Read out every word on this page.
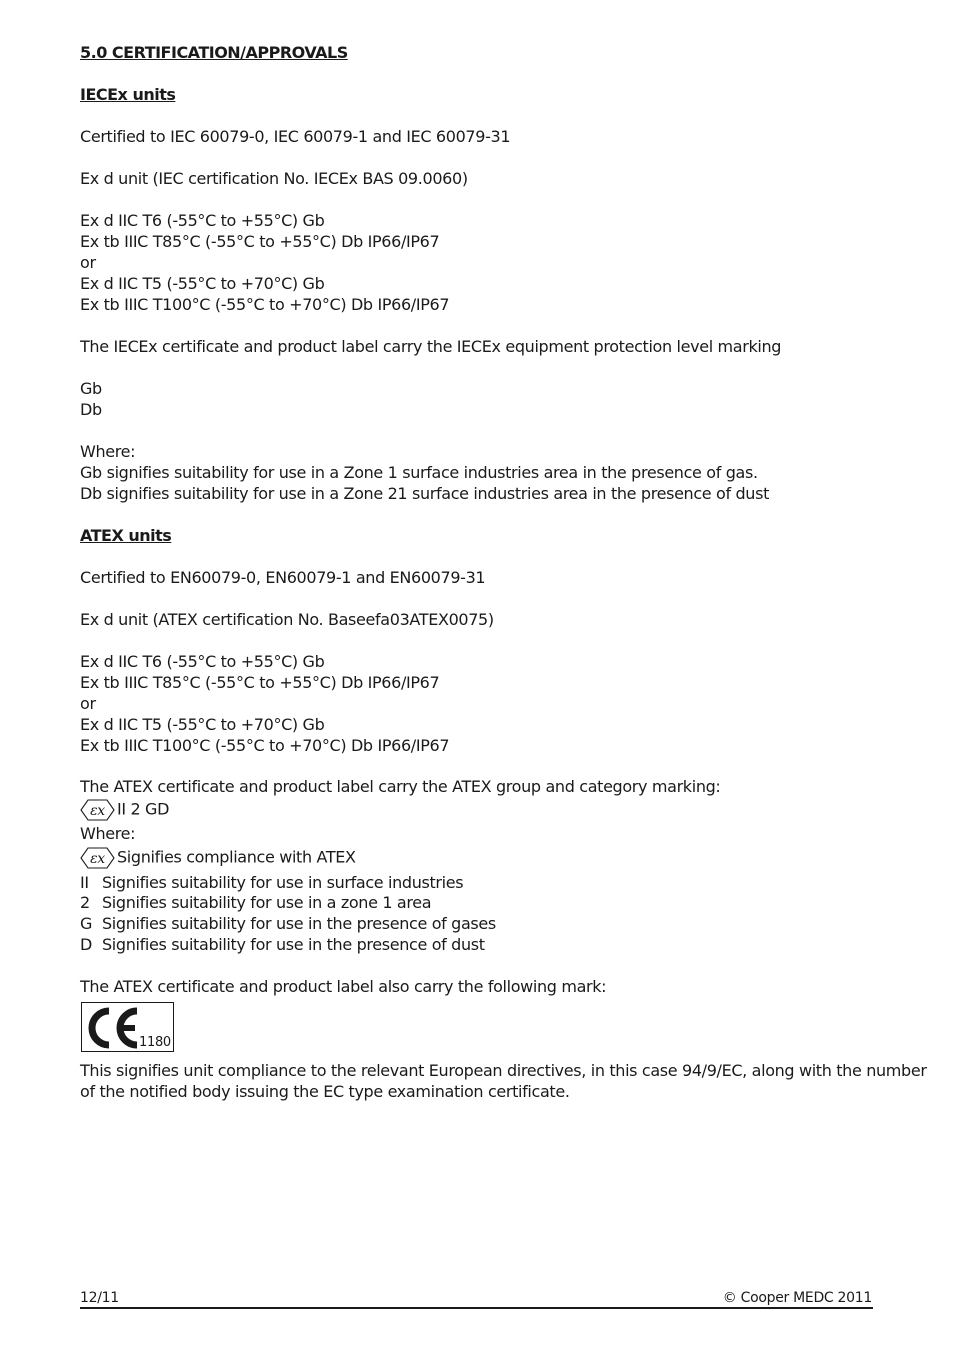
5.0 CERTIFICATION/APPROVALS
IECEx units
Certified to IEC 60079-0, IEC 60079-1 and IEC 60079-31
Ex d unit (IEC certification No. IECEx BAS 09.0060)
Ex d IIC T6 (-55°C to +55°C) Gb
Ex tb IIIC T85°C (-55°C to +55°C) Db IP66/IP67
or
Ex d IIC T5 (-55°C to +70°C) Gb
Ex tb IIIC T100°C (-55°C to +70°C) Db IP66/IP67
The IECEx certificate and product label carry the IECEx equipment protection level marking
Gb
Db
Where:
Gb signifies suitability for use in a Zone 1 surface industries area in the presence of gas.
Db signifies suitability for use in a Zone 21 surface industries area in the presence of dust
ATEX units
Certified to EN60079-0, EN60079-1 and EN60079-31
Ex d unit (ATEX certification No. Baseefa03ATEX0075)
Ex d IIC T6 (-55°C to +55°C) Gb
Ex tb IIIC T85°C (-55°C to +55°C) Db IP66/IP67
or
Ex d IIC T5 (-55°C to +70°C) Gb
Ex tb IIIC T100°C (-55°C to +70°C) Db IP66/IP67
The ATEX certificate and product label carry the ATEX group and category marking:
εx II 2 GD
Where:
εx Signifies compliance with ATEX
II Signifies suitability for use in surface industries
2 Signifies suitability for use in a zone 1 area
G Signifies suitability for use in the presence of gases
D Signifies suitability for use in the presence of dust
The ATEX certificate and product label also carry the following mark:
1180
This signifies unit compliance to the relevant European directives, in this case 94/9/EC, along with the number
of the notified body issuing the EC type examination certificate.
12/11	© Cooper MEDC 2011
